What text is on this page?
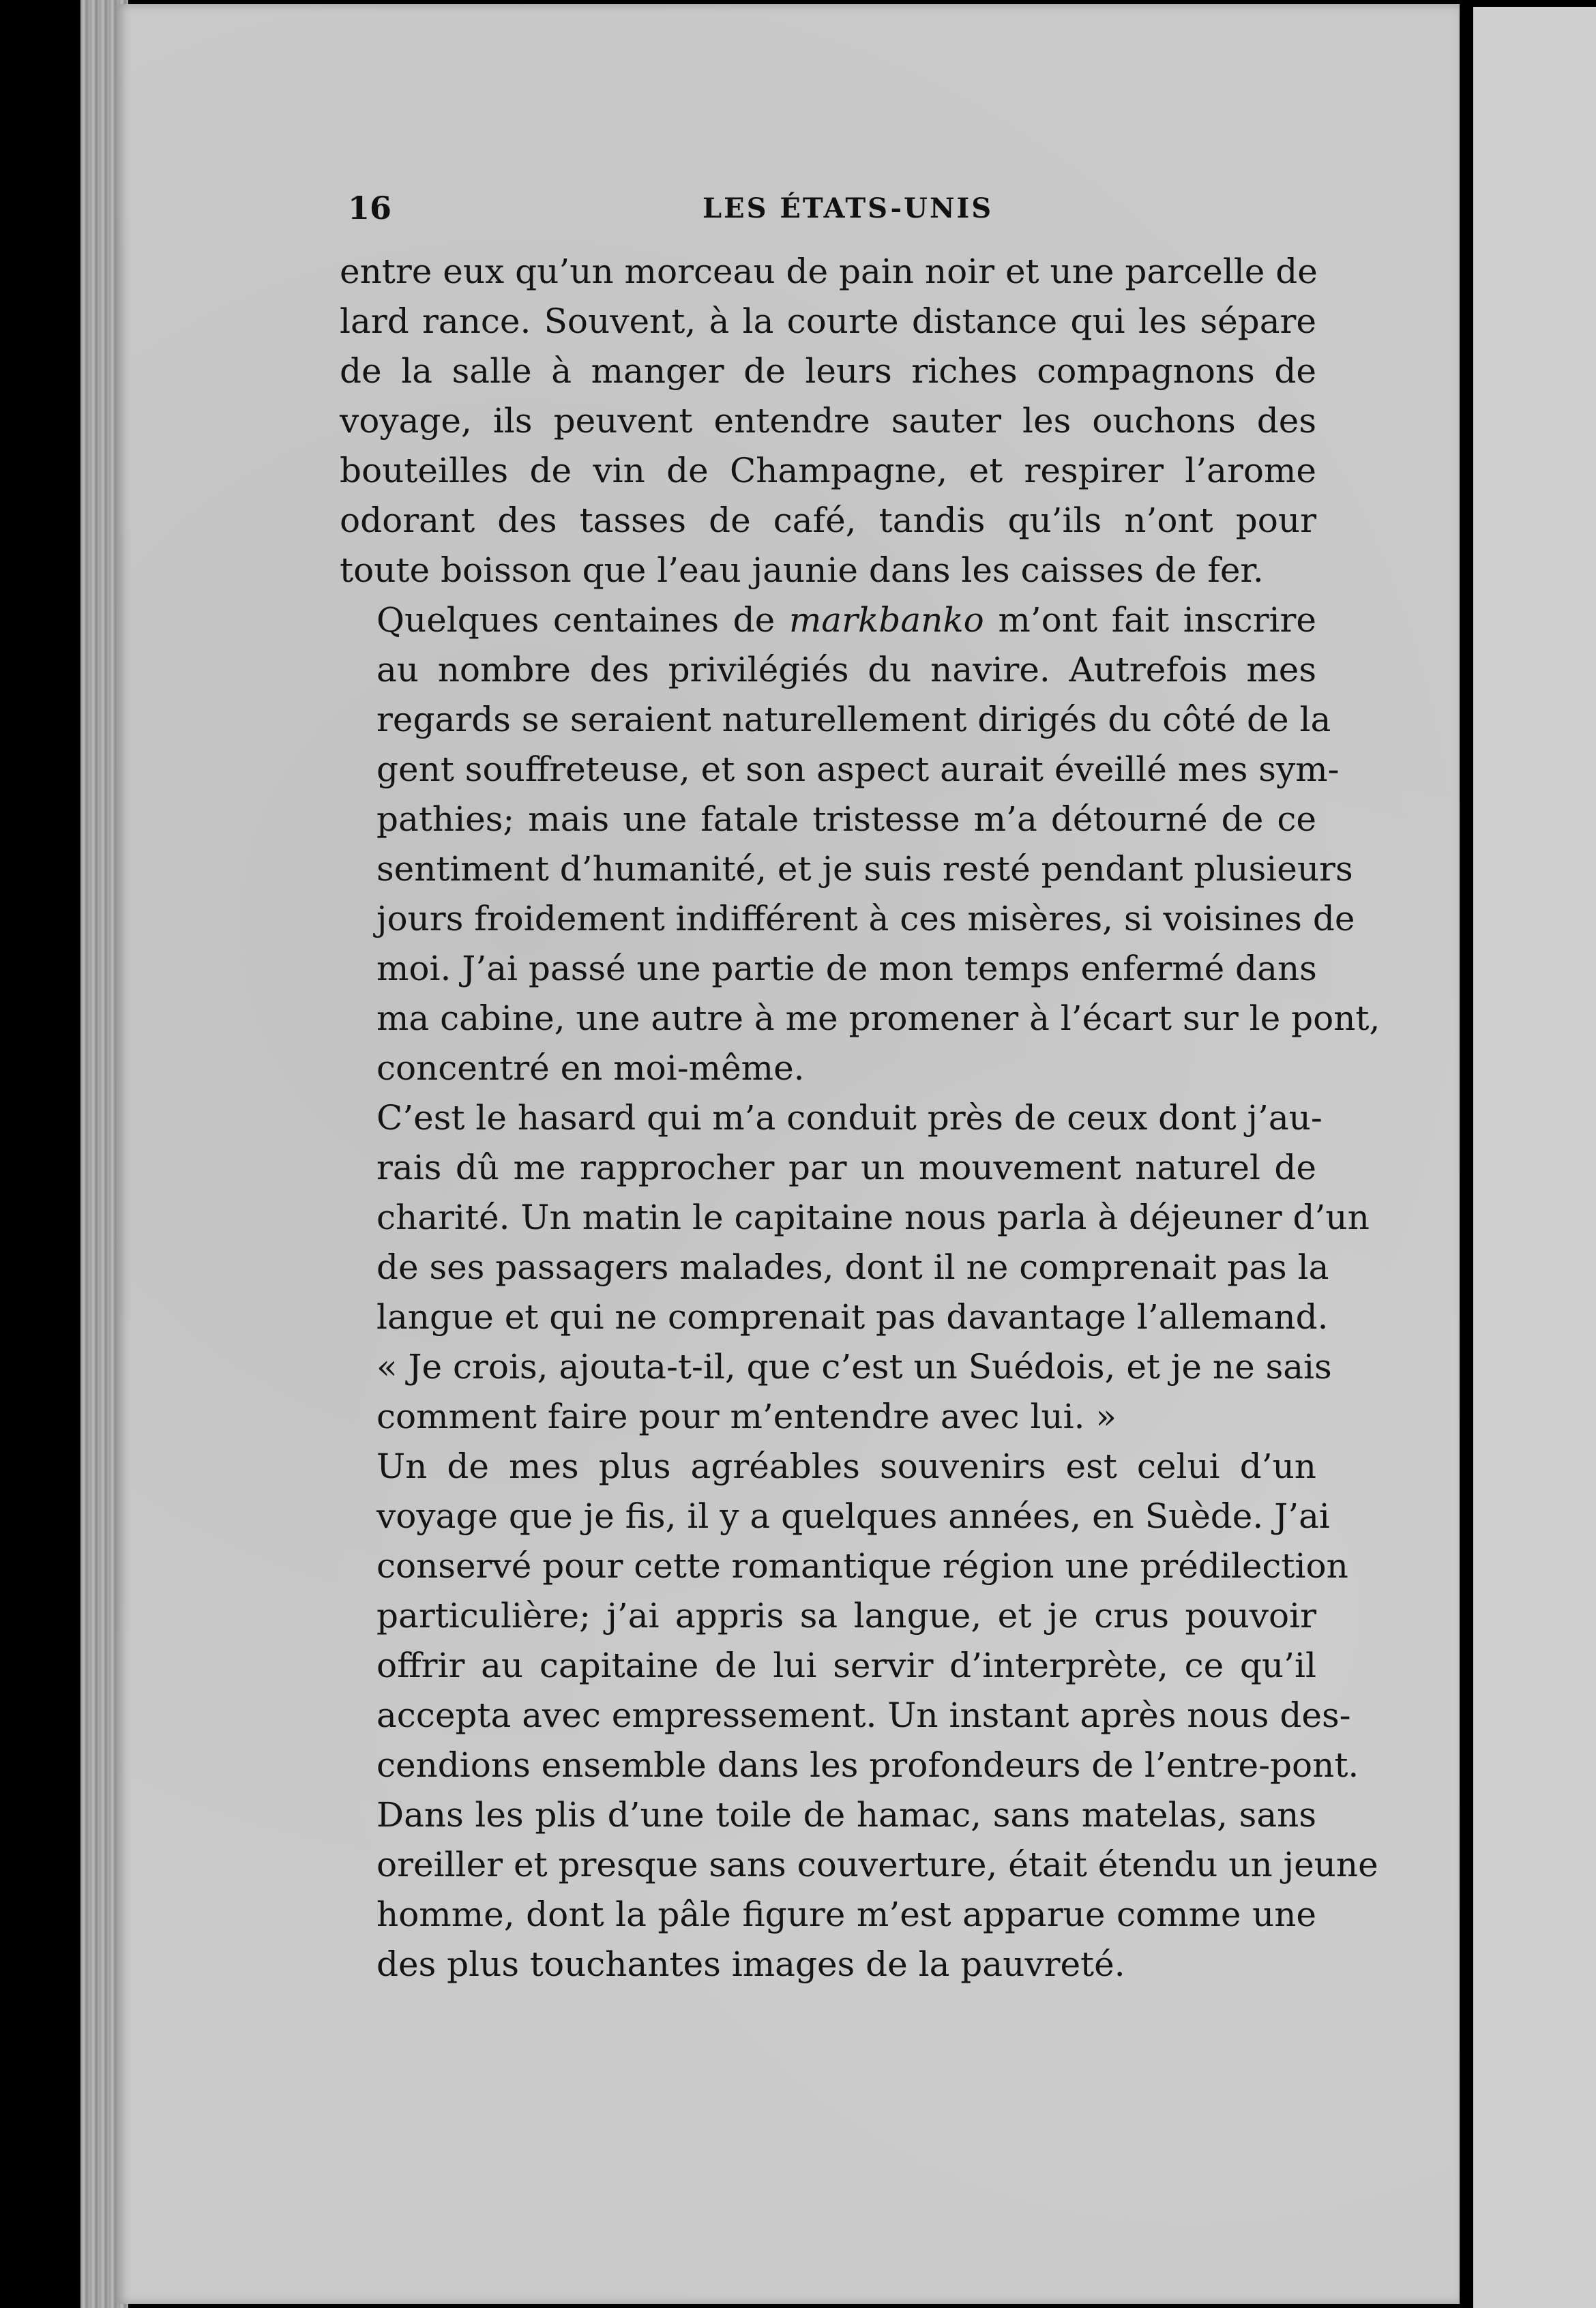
16	LES ÉTATS-UNIS
entre eux qu’un morceau de pain noir et une parcelle de
lard rance. Souvent, à la courte distance qui les sépare
de la salle à manger de leurs riches compagnons de
voyage, ils peuvent entendre sauter les ouchons des
bouteilles de vin de Champagne, et respirer l’arome
odorant des tasses de café, tandis qu’ils n’ont pour
toute boisson que l’eau jaunie dans les caisses de fer.
Quelques centaines de markbanko m’ont fait inscrire
au nombre des privilégiés du navire. Autrefois mes
regards se seraient naturellement dirigés du côté de la
gent souffreteuse, et son aspect aurait éveillé mes sym-
pathies; mais une fatale tristesse m’a détourné de ce
sentiment d’humanité, et je suis resté pendant plusieurs
jours froidement indifférent à ces misères, si voisines de
moi. J’ai passé une partie de mon temps enfermé dans
ma cabine, une autre à me promener à l’écart sur le pont,
concentré en moi-même.
C’est le hasard qui m’a conduit près de ceux dont j’au-
rais dû me rapprocher par un mouvement naturel de
charité. Un matin le capitaine nous parla à déjeuner d’un
de ses passagers malades, dont il ne comprenait pas la
langue et qui ne comprenait pas davantage l’allemand.
« Je crois, ajouta-t-il, que c’est un Suédois, et je ne sais
comment faire pour m’entendre avec lui. »
Un de mes plus agréables souvenirs est celui d’un
voyage que je fis, il y a quelques années, en Suède. J’ai
conservé pour cette romantique région une prédilection
particulière; j’ai appris sa langue, et je crus pouvoir
offrir au capitaine de lui servir d’interprète, ce qu’il
accepta avec empressement. Un instant après nous des-
cendions ensemble dans les profondeurs de l’entre-pont.
Dans les plis d’une toile de hamac, sans matelas, sans
oreiller et presque sans couverture, était étendu un jeune
homme, dont la pâle figure m’est apparue comme une
des plus touchantes images de la pauvreté.
